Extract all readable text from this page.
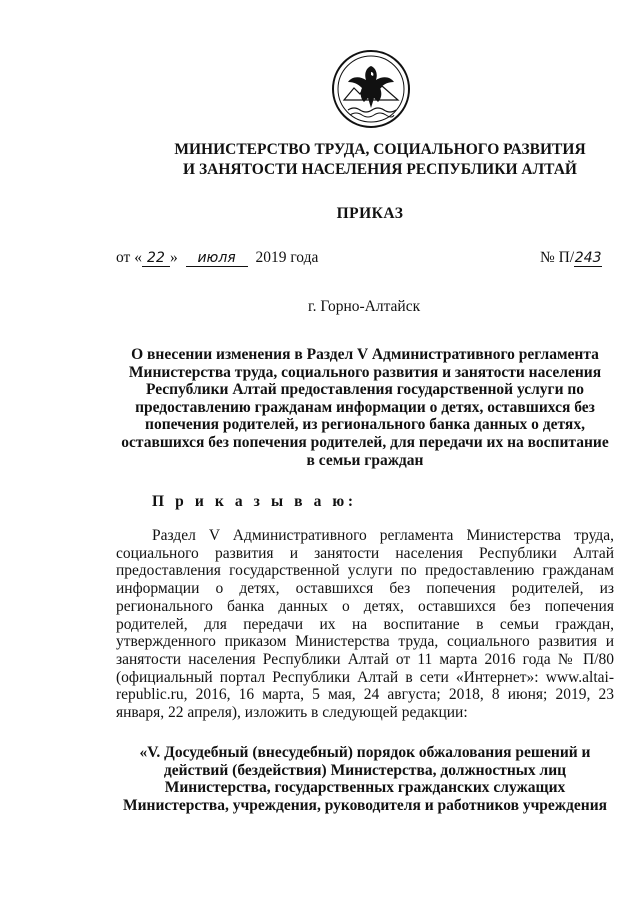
МИНИСТЕРСТВО ТРУДА, СОЦИАЛЬНОГО РАЗВИТИЯ
И ЗАНЯТОСТИ НАСЕЛЕНИЯ РЕСПУБЛИКИ АЛТАЙ
ПРИКАЗ
от « 22 » июля 2019 года	№ П/243
г. Горно-Алтайск
О внесении изменения в Раздел V Административного регламента Министерства труда, социального развития и занятости населения Республики Алтай предоставления государственной услуги по предоставлению гражданам информации о детях, оставшихся без попечения родителей, из регионального банка данных о детях, оставшихся без попечения родителей, для передачи их на воспитание в семьи граждан
П р и к а з ы в а ю:

Раздел V Административного регламента Министерства труда, социального развития и занятости населения Республики Алтай предоставления государственной услуги по предоставлению гражданам информации о детях, оставшихся без попечения родителей, из регионального банка данных о детях, оставшихся без попечения родителей, для передачи их на воспитание в семьи граждан, утвержденного приказом Министерства труда, социального развития и занятости населения Республики Алтай от 11 марта 2016 года № П/80 (официальный портал Республики Алтай в сети «Интернет»: www.altai-republic.ru, 2016, 16 марта, 5 мая, 24 августа; 2018, 8 июня; 2019, 23 января, 22 апреля), изложить в следующей редакции:

«V. Досудебный (внесудебный) порядок обжалования решений и действий (бездействия) Министерства, должностных лиц Министерства, государственных гражданских служащих Министерства, учреждения, руководителя и работников учреждения
